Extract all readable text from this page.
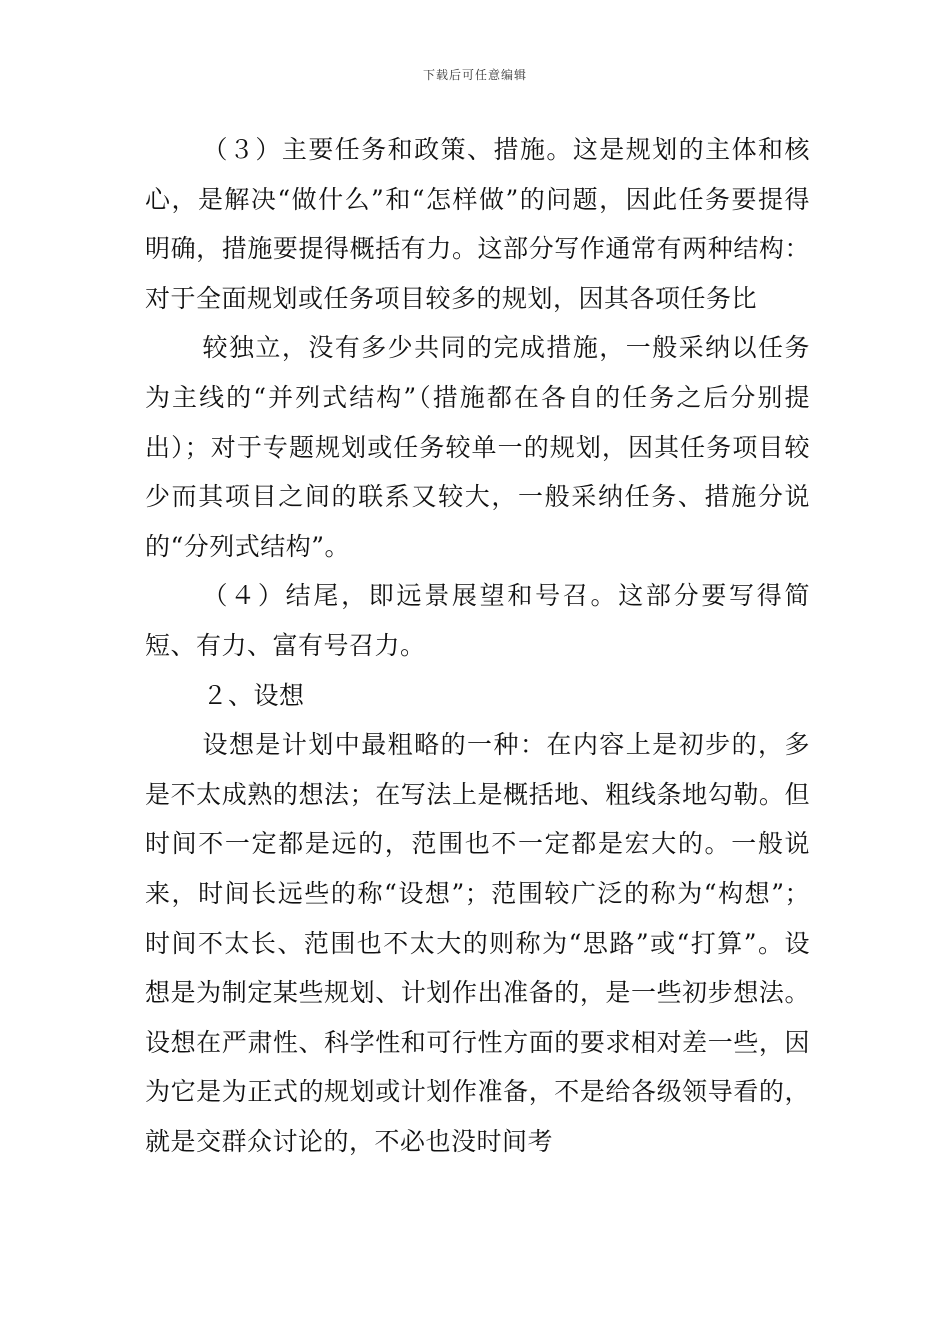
下载后可任意编辑

（３）主要任务和政策、措施。这是规划的主体和核心，是解决“做什么”和“怎样做”的问题，因此任务要提得明确，措施要提得概括有力。这部分写作通常有两种结构：对于全面规划或任务项目较多的规划，因其各项任务比

较独立，没有多少共同的完成措施，一般采纳以任务为主线的“并列式结构”（措施都在各自的任务之后分别提出）；对于专题规划或任务较单一的规划，因其任务项目较少而其项目之间的联系又较大，一般采纳任务、措施分说的“分列式结构”。

（４）结尾，即远景展望和号召。这部分要写得简短、有力、富有号召力。

２、设想

设想是计划中最粗略的一种：在内容上是初步的，多是不太成熟的想法；在写法上是概括地、粗线条地勾勒。但时间不一定都是远的，范围也不一定都是宏大的。一般说来，时间长远些的称“设想”；范围较广泛的称为“构想”；时间不太长、范围也不太大的则称为“思路”或“打算”。设想是为制定某些规划、计划作出准备的，是一些初步想法。设想在严肃性、科学性和可行性方面的要求相对差一些，因为它是为正式的规划或计划作准备，不是给各级领导看的，就是交群众讨论的，不必也没时间考
